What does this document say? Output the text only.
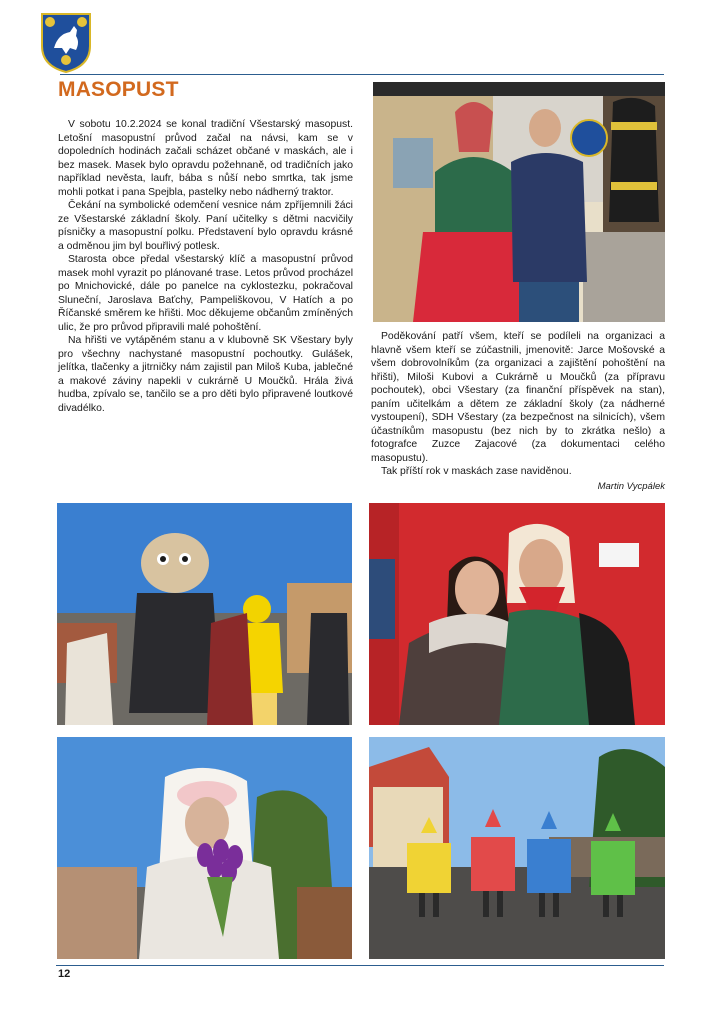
MASOPUST

V sobotu 10.2.2024 se konal tradiční Všestarský masopust. Letošní masopustní průvod začal na návsi, kam se v dopoledních hodinách začali scházet občané v maskách, ale i bez masek. Masek bylo opravdu požehnaně, od tradičních jako například nevěsta, laufr, bába s nůší nebo smrtka, tak jsme mohli potkat i pana Spejbla, pastelky nebo nádherný traktor.

Čekání na symbolické odemčení vesnice nám zpříjemnili žáci ze Všestarské základní školy. Paní učitelky s dětmi nacvičily písničky a masopustní polku. Představení bylo opravdu krásné a odměnou jim byl bouřlivý potlesk.

Starosta obce předal všestarský klíč a masopustní průvod masek mohl vyrazit po plánované trase. Letos průvod procházel po Mnichovické, dále po panelce na cyklostezku, pokračoval Sluneční, Jaroslava Baťchy, Pampeliškovou, V Hatích a po Říčanské směrem ke hřišti. Moc děkujeme občanům zmíněných ulic, že pro průvod připravili malé pohoštění.

Na hřišti ve vytápěném stanu a v klubovně SK Všestary byly pro všechny nachystané masopustní pochoutky. Gulášek, jelítka, tlačenky a jitrničky nám zajistil pan Miloš Kuba, jablečné a makové záviny napekli v cukrárně U Moučků. Hrála živá hudba, zpívalo se, tančilo se a pro děti bylo připravené loutkové divadélko.

Poděkování patří všem, kteří se podíleli na organizaci a hlavně všem kteří se zúčastnili, jmenovitě: Jarce Mošovské a všem dobrovolníkům (za organizaci a zajištění pohoštění na hřišti), Miloši Kubovi a Cukrárně u Moučků (za přípravu pochoutek), obci Všestary (za finanční příspěvek na stan), paním učitelkám a dětem ze základní školy (za nádherné vystoupení), SDH Všestary (za bezpečnost na silnicích), všem účastníkům masopustu (bez nich by to zkrátka nešlo) a fotografce Zuzce Zajacové (za dokumentaci celého masopustu).

Tak příští rok v maskách zase naviděnou.

Martin Vycpálek

12
